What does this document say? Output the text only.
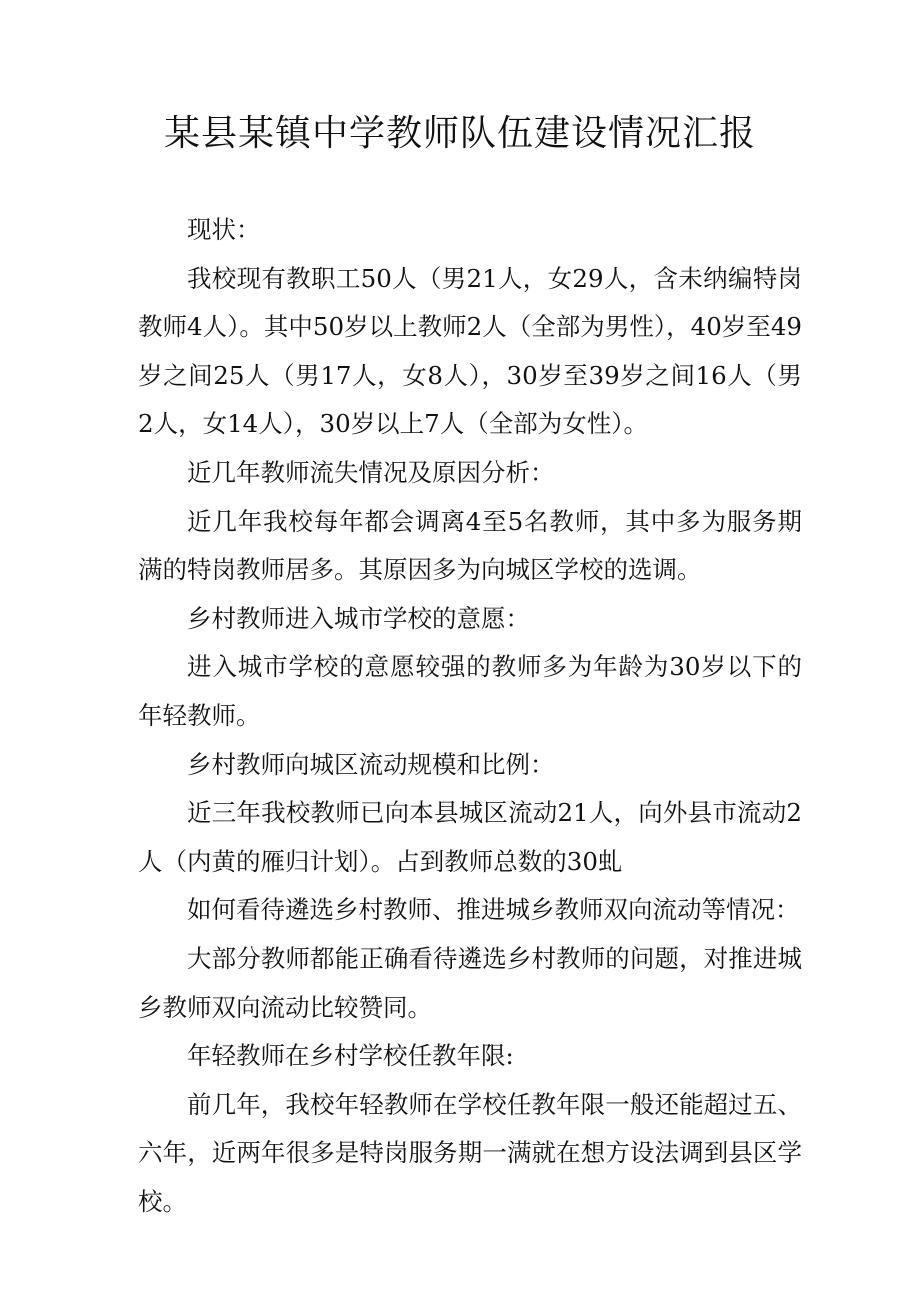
某县某镇中学教师队伍建设情况汇报

现状：

我校现有教职工50人（男21人，女29人，含未纳编特岗教师4人）。其中50岁以上教师2人（全部为男性），40岁至49岁之间25人（男17人，女8人），30岁至39岁之间16人（男2人，女14人），30岁以上7人（全部为女性）。

近几年教师流失情况及原因分析：

近几年我校每年都会调离4至5名教师，其中多为服务期满的特岗教师居多。其原因多为向城区学校的选调。

乡村教师进入城市学校的意愿：

进入城市学校的意愿较强的教师多为年龄为30岁以下的年轻教师。

乡村教师向城区流动规模和比例：

近三年我校教师已向本县城区流动21人，向外县市流动2人（内黄的雁归计划）。占到教师总数的30虬

如何看待遴选乡村教师、推进城乡教师双向流动等情况：

大部分教师都能正确看待遴选乡村教师的问题，对推进城乡教师双向流动比较赞同。

年轻教师在乡村学校任教年限:

前几年，我校年轻教师在学校任教年限一般还能超过五、六年，近两年很多是特岗服务期一满就在想方设法调到县区学校。
